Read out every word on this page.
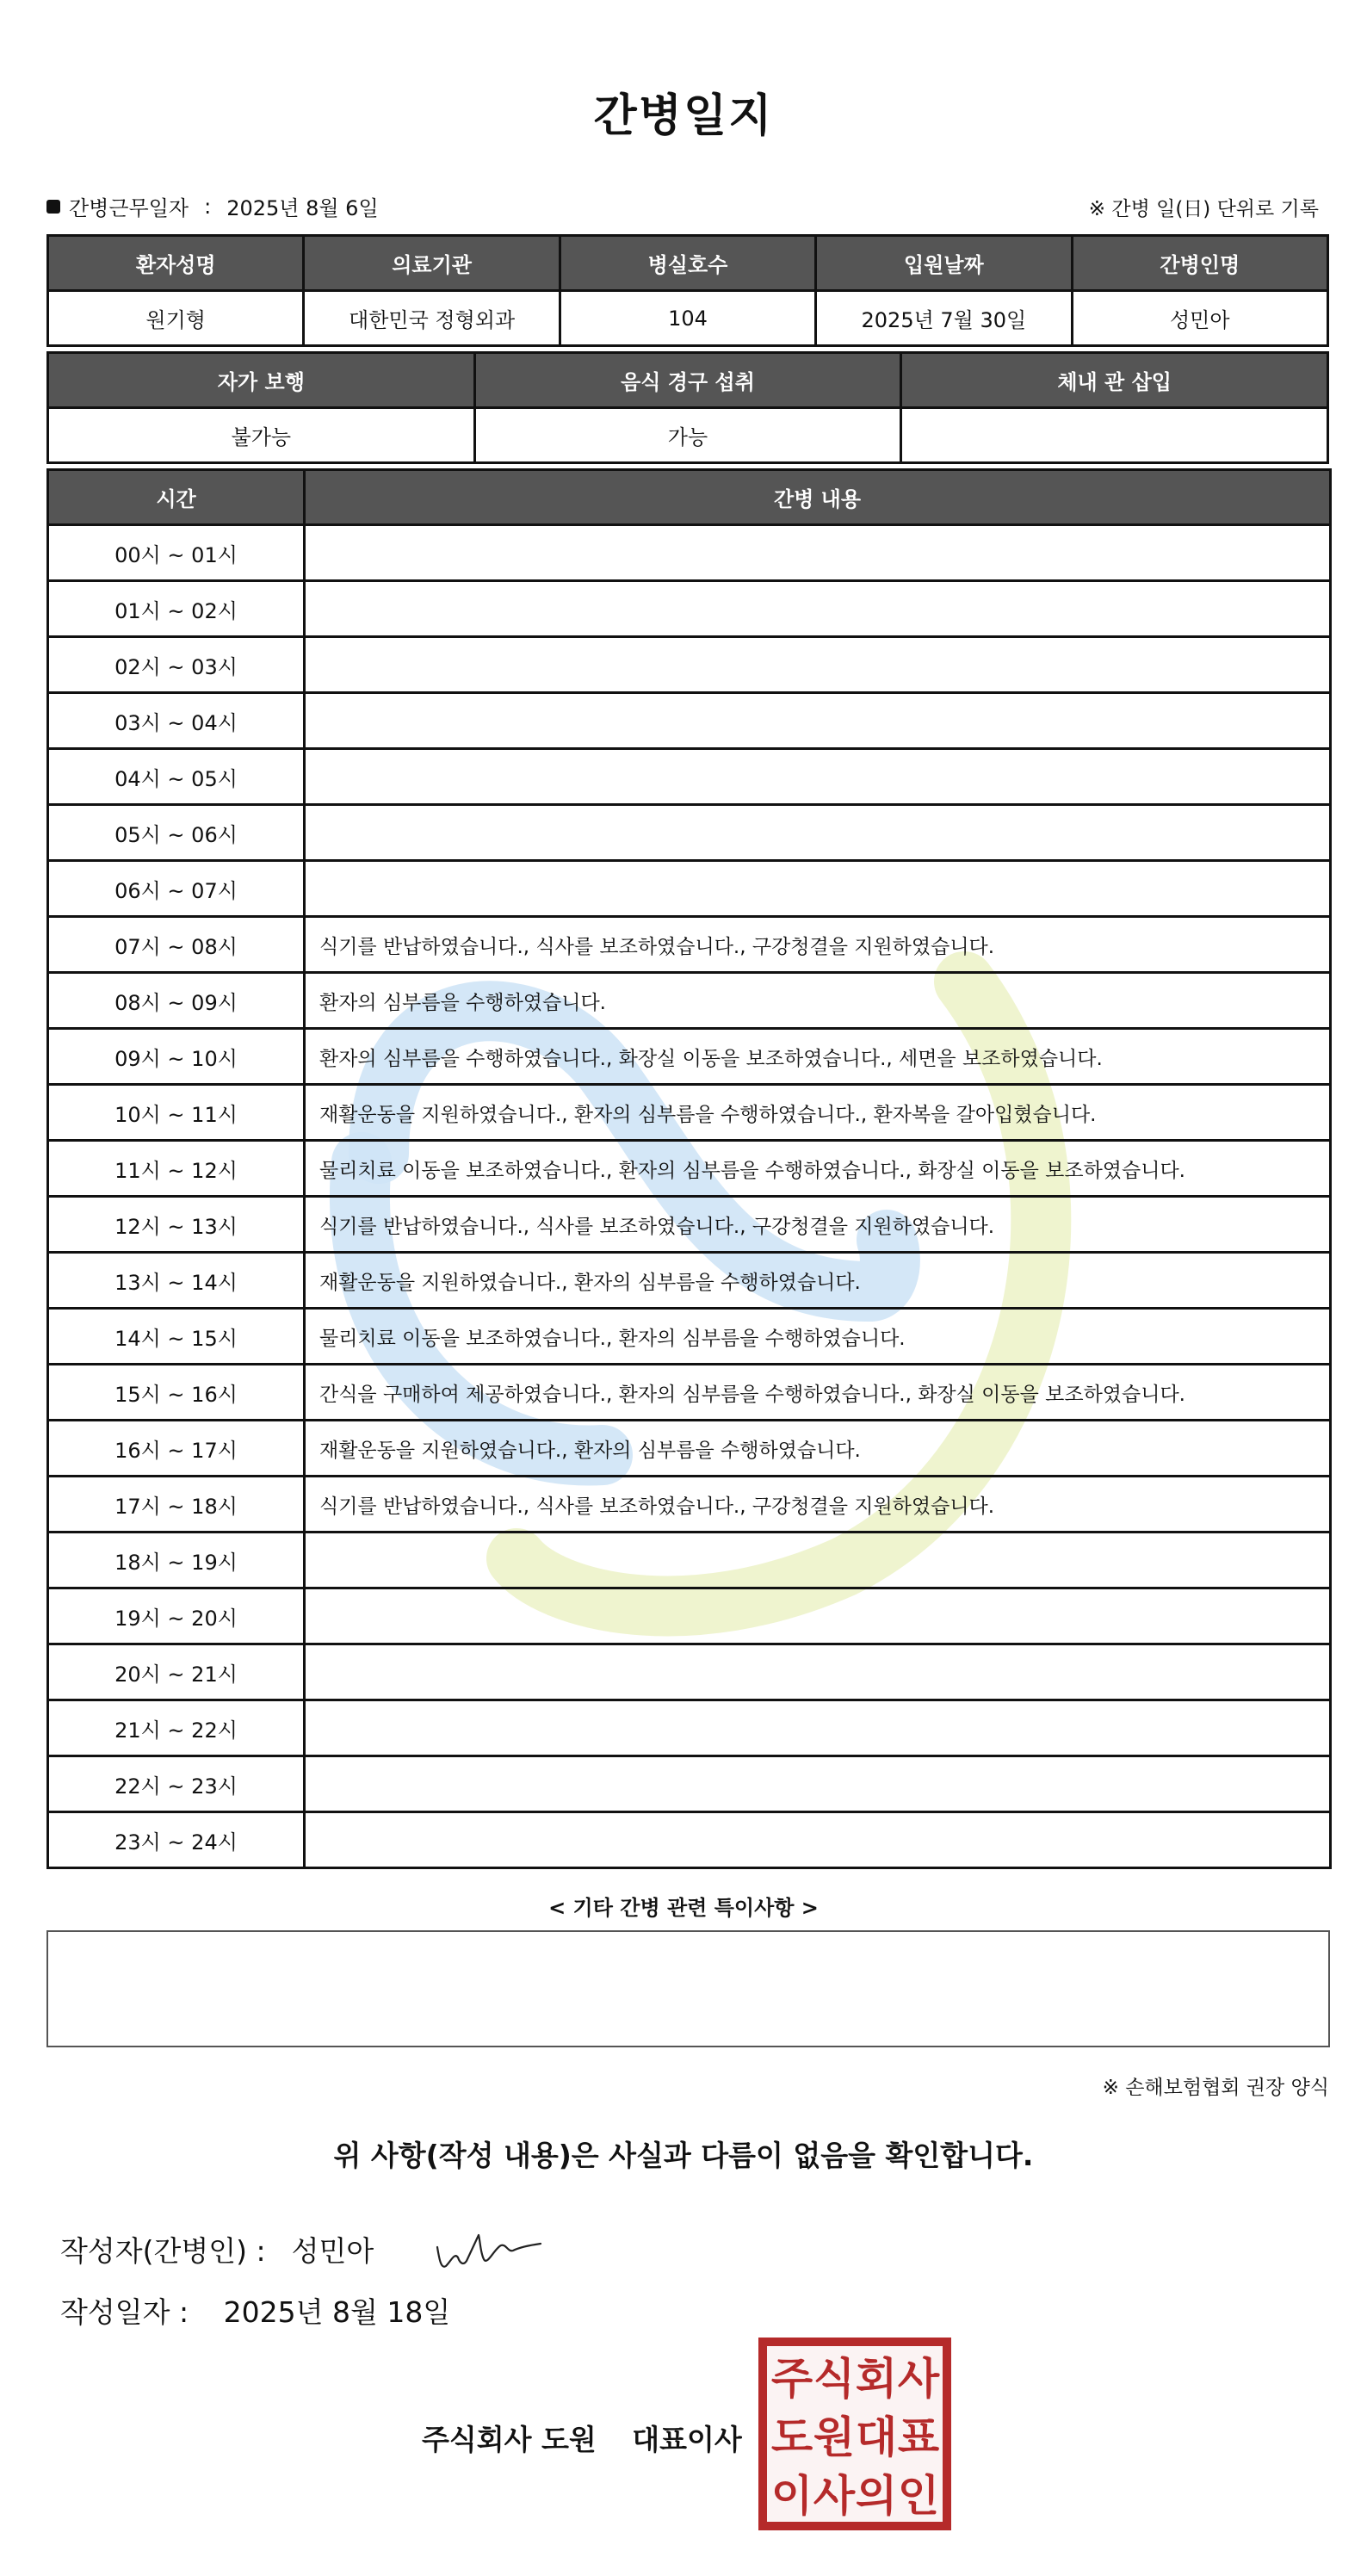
간병일지
간병근무일자 : 2025년 8월 6일	※ 간병 일(日) 단위로 기록
환자성명	의료기관	병실호수	입원날짜	간병인명
원기형	대한민국 정형외과	104	2025년 7월 30일	성민아
자가 보행	음식 경구 섭취	체내 관 삽입
불가능	가능	
시간	간병 내용
00시 ~ 01시	
01시 ~ 02시	
02시 ~ 03시	
03시 ~ 04시	
04시 ~ 05시	
05시 ~ 06시	
06시 ~ 07시	
07시 ~ 08시	식기를 반납하였습니다., 식사를 보조하였습니다., 구강청결을 지원하였습니다.
08시 ~ 09시	환자의 심부름을 수행하였습니다.
09시 ~ 10시	환자의 심부름을 수행하였습니다., 화장실 이동을 보조하였습니다., 세면을 보조하였습니다.
10시 ~ 11시	재활운동을 지원하였습니다., 환자의 심부름을 수행하였습니다., 환자복을 갈아입혔습니다.
11시 ~ 12시	물리치료 이동을 보조하였습니다., 환자의 심부름을 수행하였습니다., 화장실 이동을 보조하였습니다.
12시 ~ 13시	식기를 반납하였습니다., 식사를 보조하였습니다., 구강청결을 지원하였습니다.
13시 ~ 14시	재활운동을 지원하였습니다., 환자의 심부름을 수행하였습니다.
14시 ~ 15시	물리치료 이동을 보조하였습니다., 환자의 심부름을 수행하였습니다.
15시 ~ 16시	간식을 구매하여 제공하였습니다., 환자의 심부름을 수행하였습니다., 화장실 이동을 보조하였습니다.
16시 ~ 17시	재활운동을 지원하였습니다., 환자의 심부름을 수행하였습니다.
17시 ~ 18시	식기를 반납하였습니다., 식사를 보조하였습니다., 구강청결을 지원하였습니다.
18시 ~ 19시	
19시 ~ 20시	
20시 ~ 21시	
21시 ~ 22시	
22시 ~ 23시	
23시 ~ 24시	
< 기타 간병 관련 특이사항 >
※ 손해보험협회 권장 양식
위 사항(작성 내용)은 사실과 다름이 없음을 확인합니다.
작성자(간병인) : 성민아
작성일자 : 2025년 8월 18일
주식회사 도원 대표이사
주 식 회 사
도 원 대 표
이 사 의 인
